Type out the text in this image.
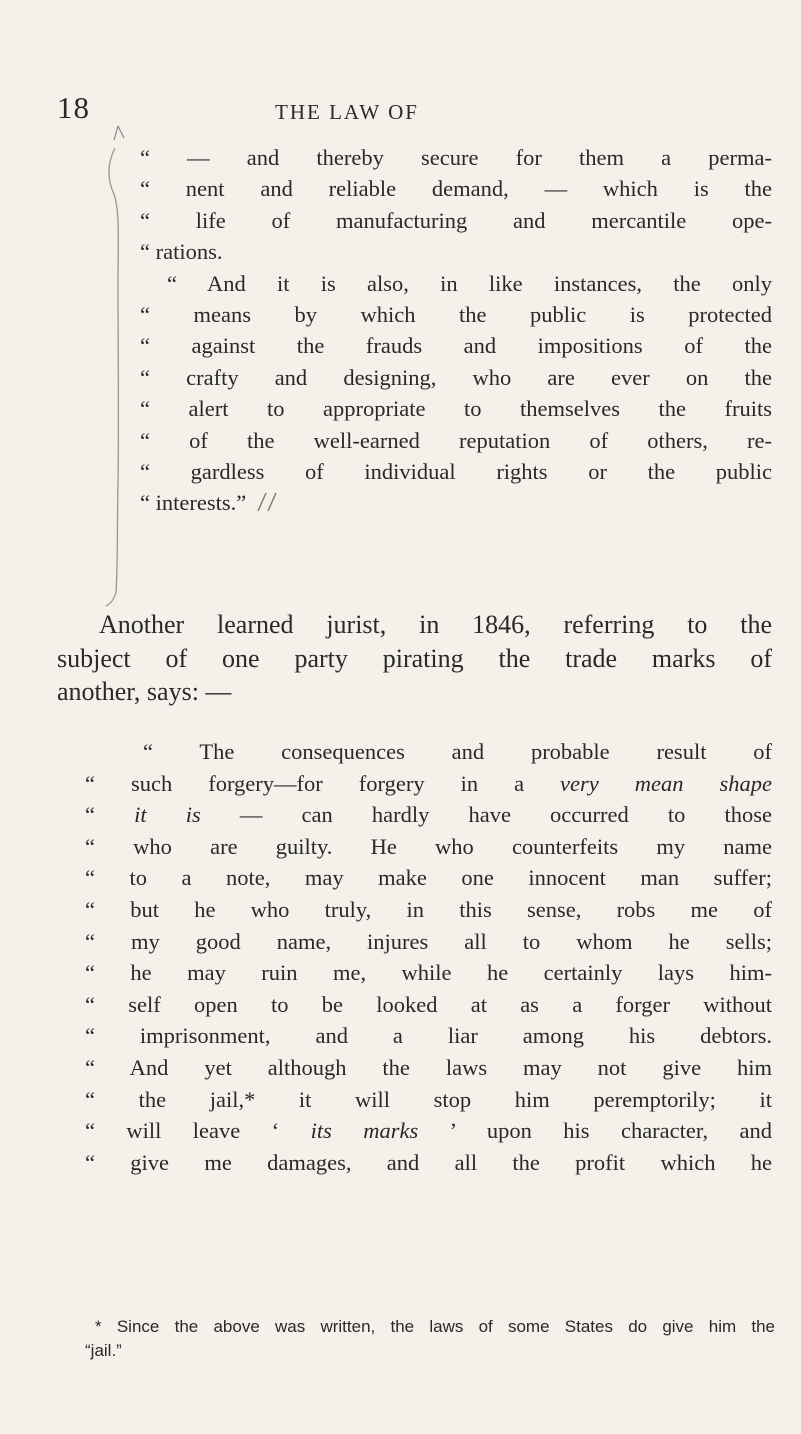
18	THE LAW OF
“ — and thereby secure for them a perma-
“ nent and reliable demand, — which is the
“ life of manufacturing and mercantile ope-
“ rations.
“ And it is also, in like instances, the only
“ means by which the public is protected
“ against the frauds and impositions of the
“ crafty and designing, who are ever on the
“ alert to appropriate to themselves the fruits
“ of the well-earned reputation of others, re-
“ gardless of individual rights or the public
“ interests.”
Another learned jurist, in 1846, referring to the
subject of one party pirating the trade marks of
another, says: —
“ The consequences and probable result of
“ such forgery—for forgery in a very mean shape
“ it is — can hardly have occurred to those
“ who are guilty. He who counterfeits my name
“ to a note, may make one innocent man suffer;
“ but he who truly, in this sense, robs me of
“ my good name, injures all to whom he sells;
“ he may ruin me, while he certainly lays him-
“ self open to be looked at as a forger without
“ imprisonment, and a liar among his debtors.
“ And yet although the laws may not give him
“ the jail,* it will stop him peremptorily; it
“ will leave ‘ its marks ’ upon his character, and
“ give me damages, and all the profit which he
* Since the above was written, the laws of some States do give him the
“jail.”
